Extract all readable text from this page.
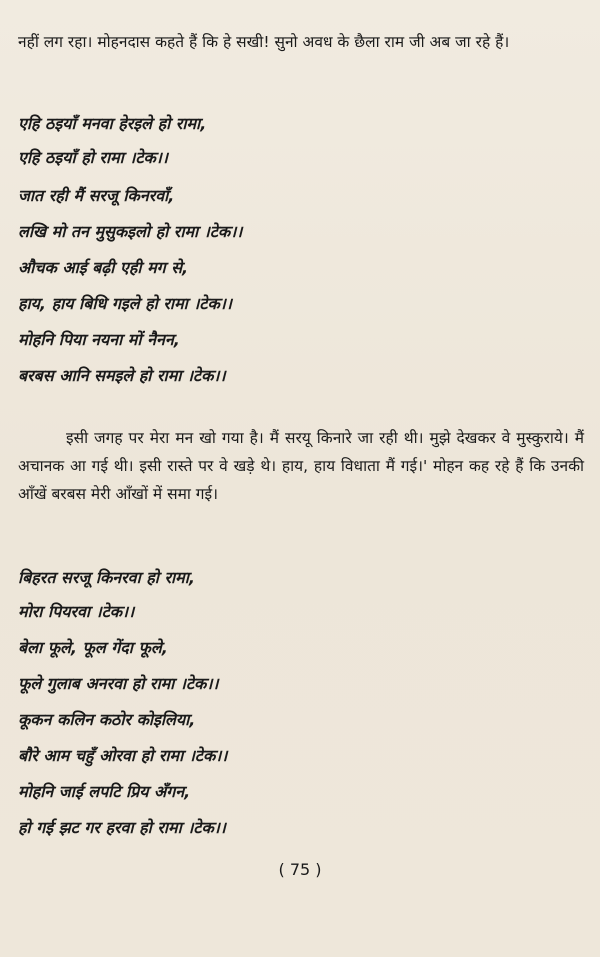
नहीं लग रहा। मोहनदास कहते हैं कि हे सखी! सुनो अवध के छैला राम जी अब जा रहे हैं।
एहि ठइयाँ मनवा हेरइले हो रामा,
एहि ठइयाँ हो रामा ।टेक।।
जात रही मैं सरजू किनरवाँ,
लखि मो तन मुसुकइलो हो रामा ।टेक।।
औचक आई बढ़ी एही मग से,
हाय, हाय बिधि गइले हो रामा ।टेक।।
मोहनि पिया नयना मों नैनन,
बरबस आनि समइले हो रामा ।टेक।।
इसी जगह पर मेरा मन खो गया है। मैं सरयू किनारे जा रही थी। मुझे देखकर वे मुस्कुराये। मैं अचानक आ गई थी। इसी रास्ते पर वे खड़े थे। हाय, हाय विधाता मैं गई।' मोहन कह रहे हैं कि उनकी आँखें बरबस मेरी आँखों में समा गई।
बिहरत सरजू किनरवा हो रामा,
मोरा पियरवा ।टेक।।
बेला फूले, फूल गेंदा फूले,
फूले गुलाब अनरवा हो रामा ।टेक।।
कूकन कलिन कठोर कोइलिया,
बौरे आम चहुँ ओरवा हो रामा ।टेक।।
मोहनि जाई लपटि प्रिय अँगन,
हो गई झट गर हरवा हो रामा ।टेक।।
( 75 )
